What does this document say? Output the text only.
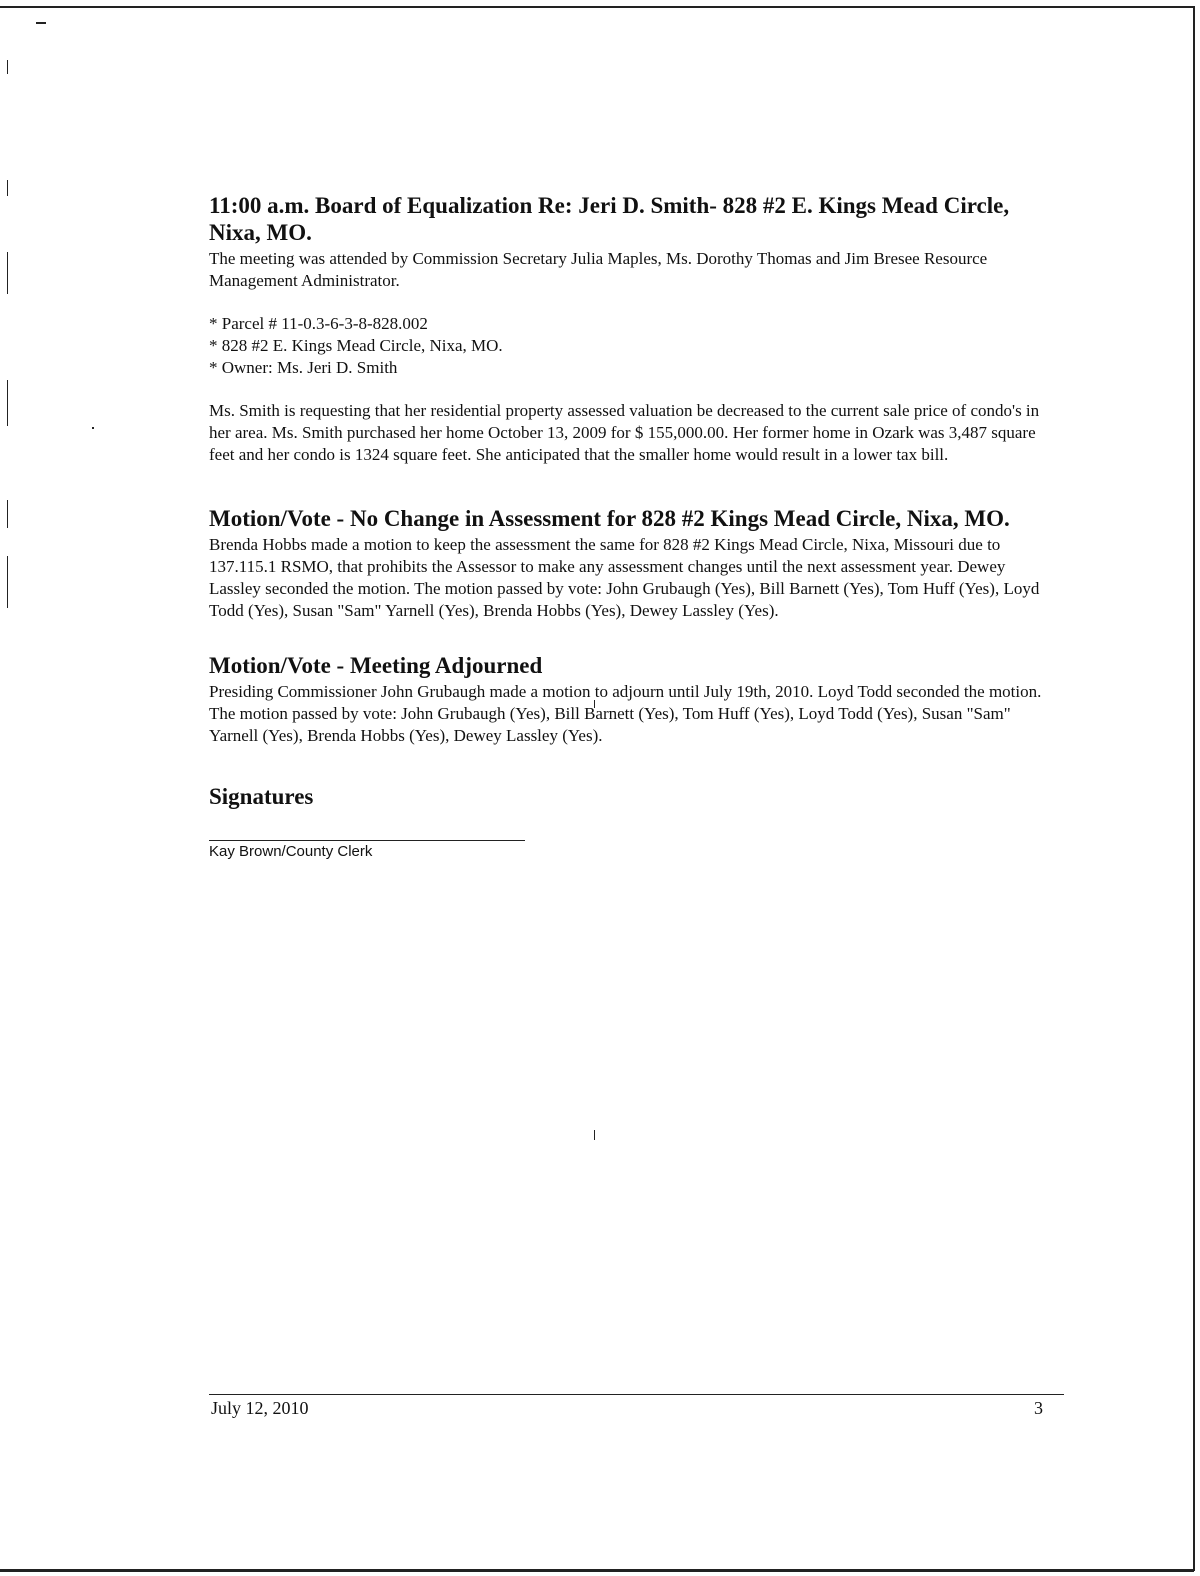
11:00 a.m. Board of Equalization Re: Jeri D. Smith- 828 #2 E. Kings Mead Circle, Nixa, MO.

The meeting was attended by Commission Secretary Julia Maples, Ms. Dorothy Thomas and Jim Bresee Resource Management Administrator.

* Parcel # 11-0.3-6-3-8-828.002
* 828 #2 E. Kings Mead Circle, Nixa, MO.
* Owner: Ms. Jeri D. Smith

Ms. Smith is requesting that her residential property assessed valuation be decreased to the current sale price of condo's in her area. Ms. Smith purchased her home October 13, 2009 for $ 155,000.00. Her former home in Ozark was 3,487 square feet and her condo is 1324 square feet. She anticipated that the smaller home would result in a lower tax bill.

Motion/Vote - No Change in Assessment for 828 #2 Kings Mead Circle, Nixa, MO.

Brenda Hobbs made a motion to keep the assessment the same for 828 #2 Kings Mead Circle, Nixa, Missouri due to 137.115.1 RSMO, that prohibits the Assessor to make any assessment changes until the next assessment year. Dewey Lassley seconded the motion. The motion passed by vote: John Grubaugh (Yes), Bill Barnett (Yes), Tom Huff (Yes), Loyd Todd (Yes), Susan "Sam" Yarnell (Yes), Brenda Hobbs (Yes), Dewey Lassley (Yes).

Motion/Vote - Meeting Adjourned

Presiding Commissioner John Grubaugh made a motion to adjourn until July 19th, 2010. Loyd Todd seconded the motion. The motion passed by vote: John Grubaugh (Yes), Bill Barnett (Yes), Tom Huff (Yes), Loyd Todd (Yes), Susan "Sam" Yarnell (Yes), Brenda Hobbs (Yes), Dewey Lassley (Yes).

Signatures
Kay Brown/County Clerk
July 12, 2010	3
